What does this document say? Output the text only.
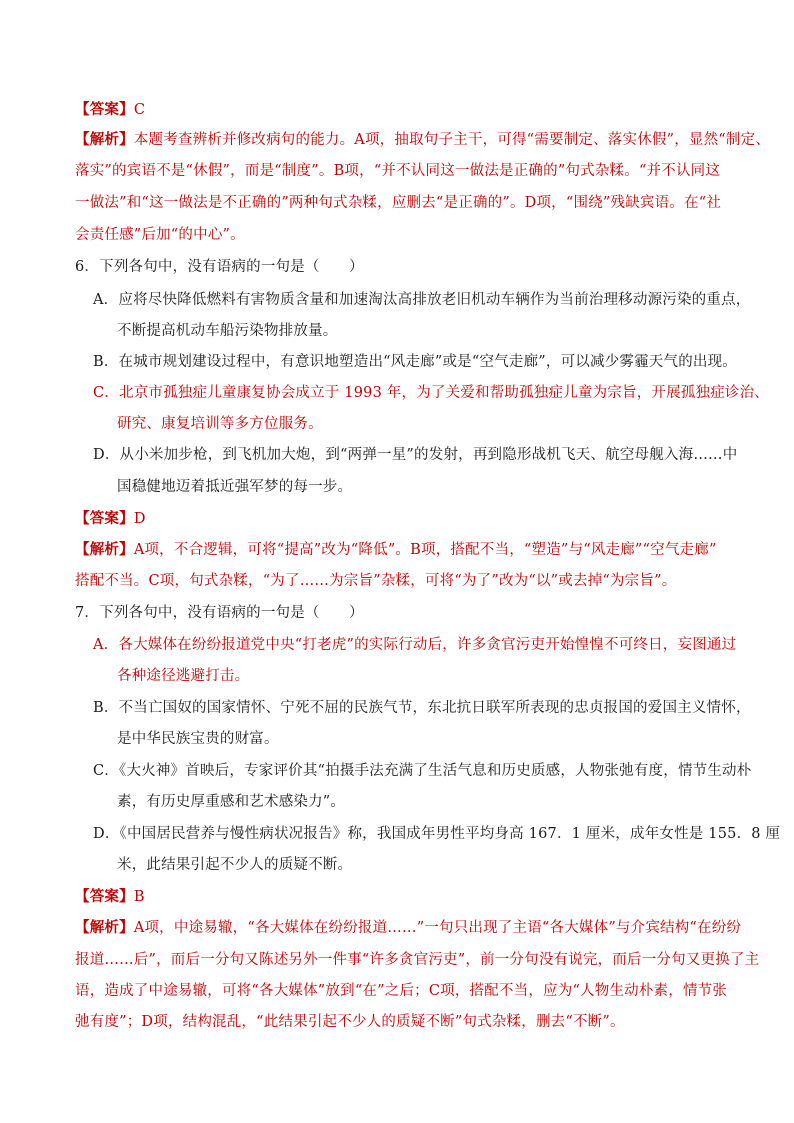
【答案】C
【解析】本题考查辨析并修改病句的能力。A项，抽取句子主干，可得“需要制定、落实休假”，显然“制定、
落实”的宾语不是“休假”，而是“制度”。B项，“并不认同这一做法是正确的”句式杂糅。“并不认同这
一做法”和“这一做法是不正确的”两种句式杂糅，应删去“是正确的”。D项，“围绕”残缺宾语。在“社
会责任感”后加“的中心”。
6．下列各句中，没有语病的一句是（　　）
A．应将尽快降低燃料有害物质含量和加速淘汰高排放老旧机动车辆作为当前治理移动源污染的重点，
不断提高机动车船污染物排放量。
B．在城市规划建设过程中，有意识地塑造出“风走廊”或是“空气走廊”，可以减少雾霾天气的出现。
C．北京市孤独症儿童康复协会成立于 1993 年，为了关爱和帮助孤独症儿童为宗旨，开展孤独症诊治、
研究、康复培训等多方位服务。
D．从小米加步枪，到飞机加大炮，到“两弹一星”的发射，再到隐形战机飞天、航空母舰入海……中
国稳健地迈着抵近强军梦的每一步。
【答案】D
【解析】A项，不合逻辑，可将“提高”改为“降低”。B项，搭配不当，“塑造”与“风走廊”“空气走廊”
搭配不当。C项，句式杂糅，“为了……为宗旨”杂糅，可将“为了”改为“以”或去掉“为宗旨”。
7．下列各句中，没有语病的一句是（　　）
A．各大媒体在纷纷报道党中央“打老虎”的实际行动后，许多贪官污吏开始惶惶不可终日，妄图通过
各种途径逃避打击。
B．不当亡国奴的国家情怀、宁死不屈的民族气节，东北抗日联军所表现的忠贞报国的爱国主义情怀，
是中华民族宝贵的财富。
C．《大火神》首映后，专家评价其“拍摄手法充满了生活气息和历史质感，人物张弛有度，情节生动朴
素，有历史厚重感和艺术感染力”。
D．《中国居民营养与慢性病状况报告》称，我国成年男性平均身高 167．1 厘米，成年女性是 155．8 厘
米，此结果引起不少人的质疑不断。
【答案】B
【解析】A项，中途易辙，“各大媒体在纷纷报道……”一句只出现了主语“各大媒体”与介宾结构“在纷纷
报道……后”，而后一分句又陈述另外一件事“许多贪官污吏”，前一分句没有说完，而后一分句又更换了主
语，造成了中途易辙，可将“各大媒体”放到“在”之后；C项，搭配不当，应为“人物生动朴素，情节张
弛有度”；D项，结构混乱，“此结果引起不少人的质疑不断”句式杂糅，删去“不断”。
